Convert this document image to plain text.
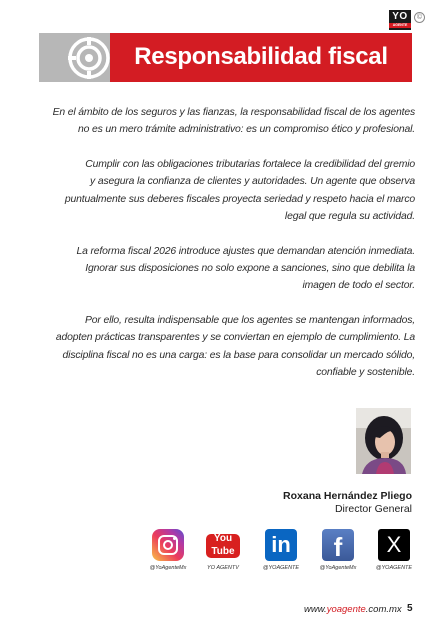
YO
AGENTE
©
Responsabilidad fiscal

En el ámbito de los seguros y las fianzas, la responsabilidad fiscal de los agentes
no es un mero trámite administrativo: es un compromiso ético y profesional.

Cumplir con las obligaciones tributarias fortalece la credibilidad del gremio
y asegura la confianza de clientes y autoridades. Un agente que observa
puntualmente sus deberes fiscales proyecta seriedad y respeto hacia el marco
legal que regula su actividad.

La reforma fiscal 2026 introduce ajustes que demandan atención inmediata.
Ignorar sus disposiciones no solo expone a sanciones, sino que debilita la
imagen de todo el sector.

Por ello, resulta indispensable que los agentes se mantengan informados,
adopten prácticas transparentes y se conviertan en ejemplo de cumplimiento. La
disciplina fiscal no es una carga: es la base para consolidar un mercado sólido,
confiable y sostenible.

Roxana Hernández Pliego
Director General
@YoAgenteMx
You Tube
YO AGENTV
in
@YOAGENTE
f
@YoAgenteMx
X
@YOAGENTE
www.yoagente.com.mx 5
